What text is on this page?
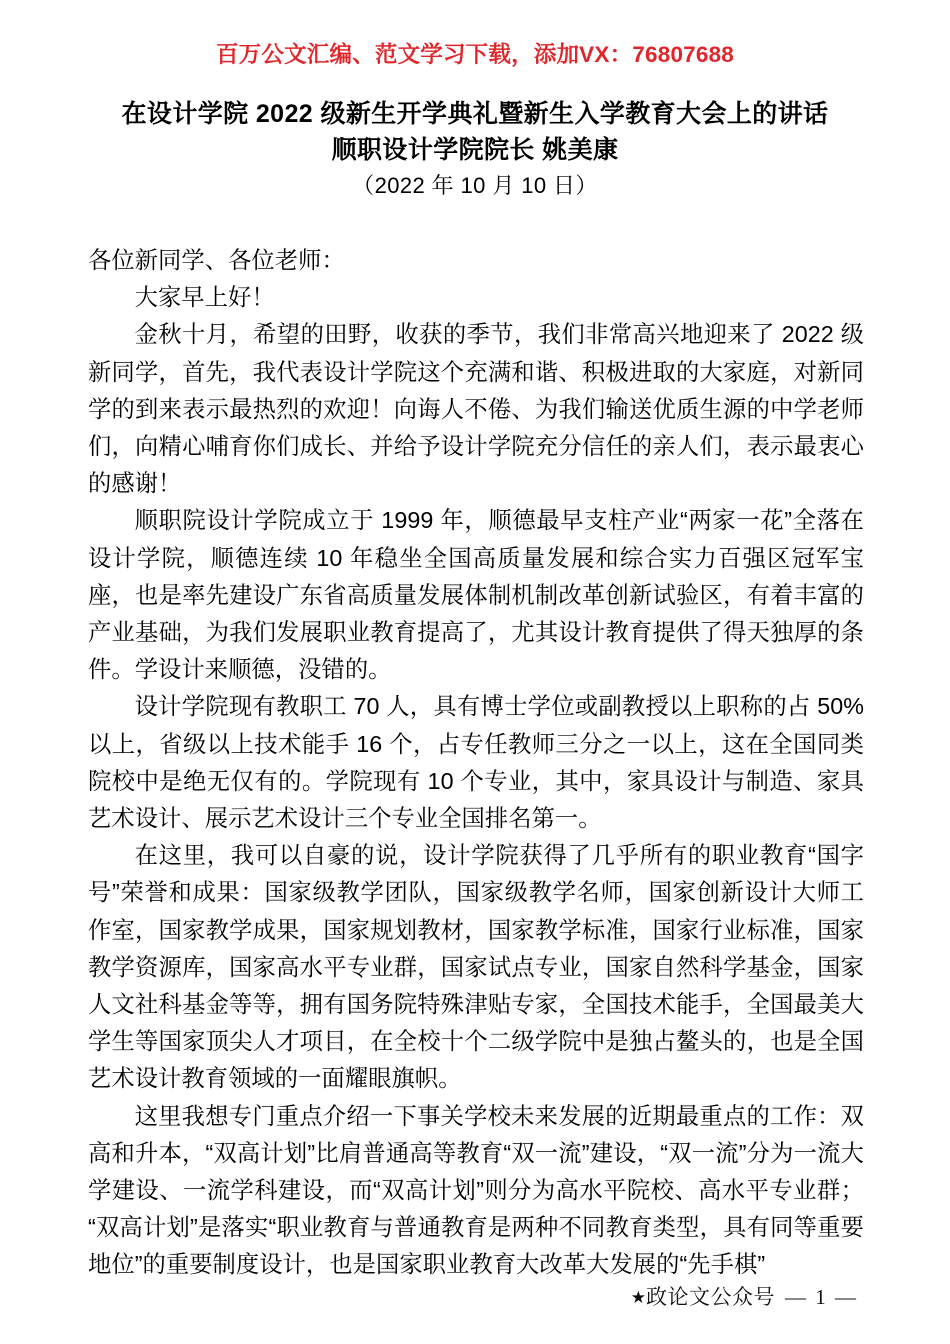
百万公文汇编、范文学习下载，添加VX：76807688
在设计学院 2022 级新生开学典礼暨新生入学教育大会上的讲话
顺职设计学院院长 姚美康
（2022 年 10 月 10 日）

各位新同学、各位老师：

大家早上好！

金秋十月，希望的田野，收获的季节，我们非常高兴地迎来了 2022 级新同学，首先，我代表设计学院这个充满和谐、积极进取的大家庭，对新同学的到来表示最热烈的欢迎！向诲人不倦、为我们输送优质生源的中学老师们，向精心哺育你们成长、并给予设计学院充分信任的亲人们，表示最衷心的感谢！

顺职院设计学院成立于 1999 年，顺德最早支柱产业“两家一花”全落在设计学院，顺德连续 10 年稳坐全国高质量发展和综合实力百强区冠军宝座，也是率先建设广东省高质量发展体制机制改革创新试验区，有着丰富的产业基础，为我们发展职业教育提高了，尤其设计教育提供了得天独厚的条件。学设计来顺德，没错的。

设计学院现有教职工 70 人，具有博士学位或副教授以上职称的占 50%以上，省级以上技术能手 16 个，占专任教师三分之一以上，这在全国同类院校中是绝无仅有的。学院现有 10 个专业，其中，家具设计与制造、家具艺术设计、展示艺术设计三个专业全国排名第一。

在这里，我可以自豪的说，设计学院获得了几乎所有的职业教育“国字号”荣誉和成果：国家级教学团队，国家级教学名师，国家创新设计大师工作室，国家教学成果，国家规划教材，国家教学标准，国家行业标准，国家教学资源库，国家高水平专业群，国家试点专业，国家自然科学基金，国家人文社科基金等等，拥有国务院特殊津贴专家，全国技术能手，全国最美大学生等国家顶尖人才项目，在全校十个二级学院中是独占鳌头的，也是全国艺术设计教育领域的一面耀眼旗帜。

这里我想专门重点介绍一下事关学校未来发展的近期最重点的工作：双高和升本，“双高计划”比肩普通高等教育“双一流”建设，“双一流”分为一流大学建设、一流学科建设，而“双高计划”则分为高水平院校、高水平专业群；“双高计划”是落实“职业教育与普通教育是两种不同教育类型，具有同等重要地位”的重要制度设计，也是国家职业教育大改革大发展的“先手棋”

★政论文公众号 — 1 —
